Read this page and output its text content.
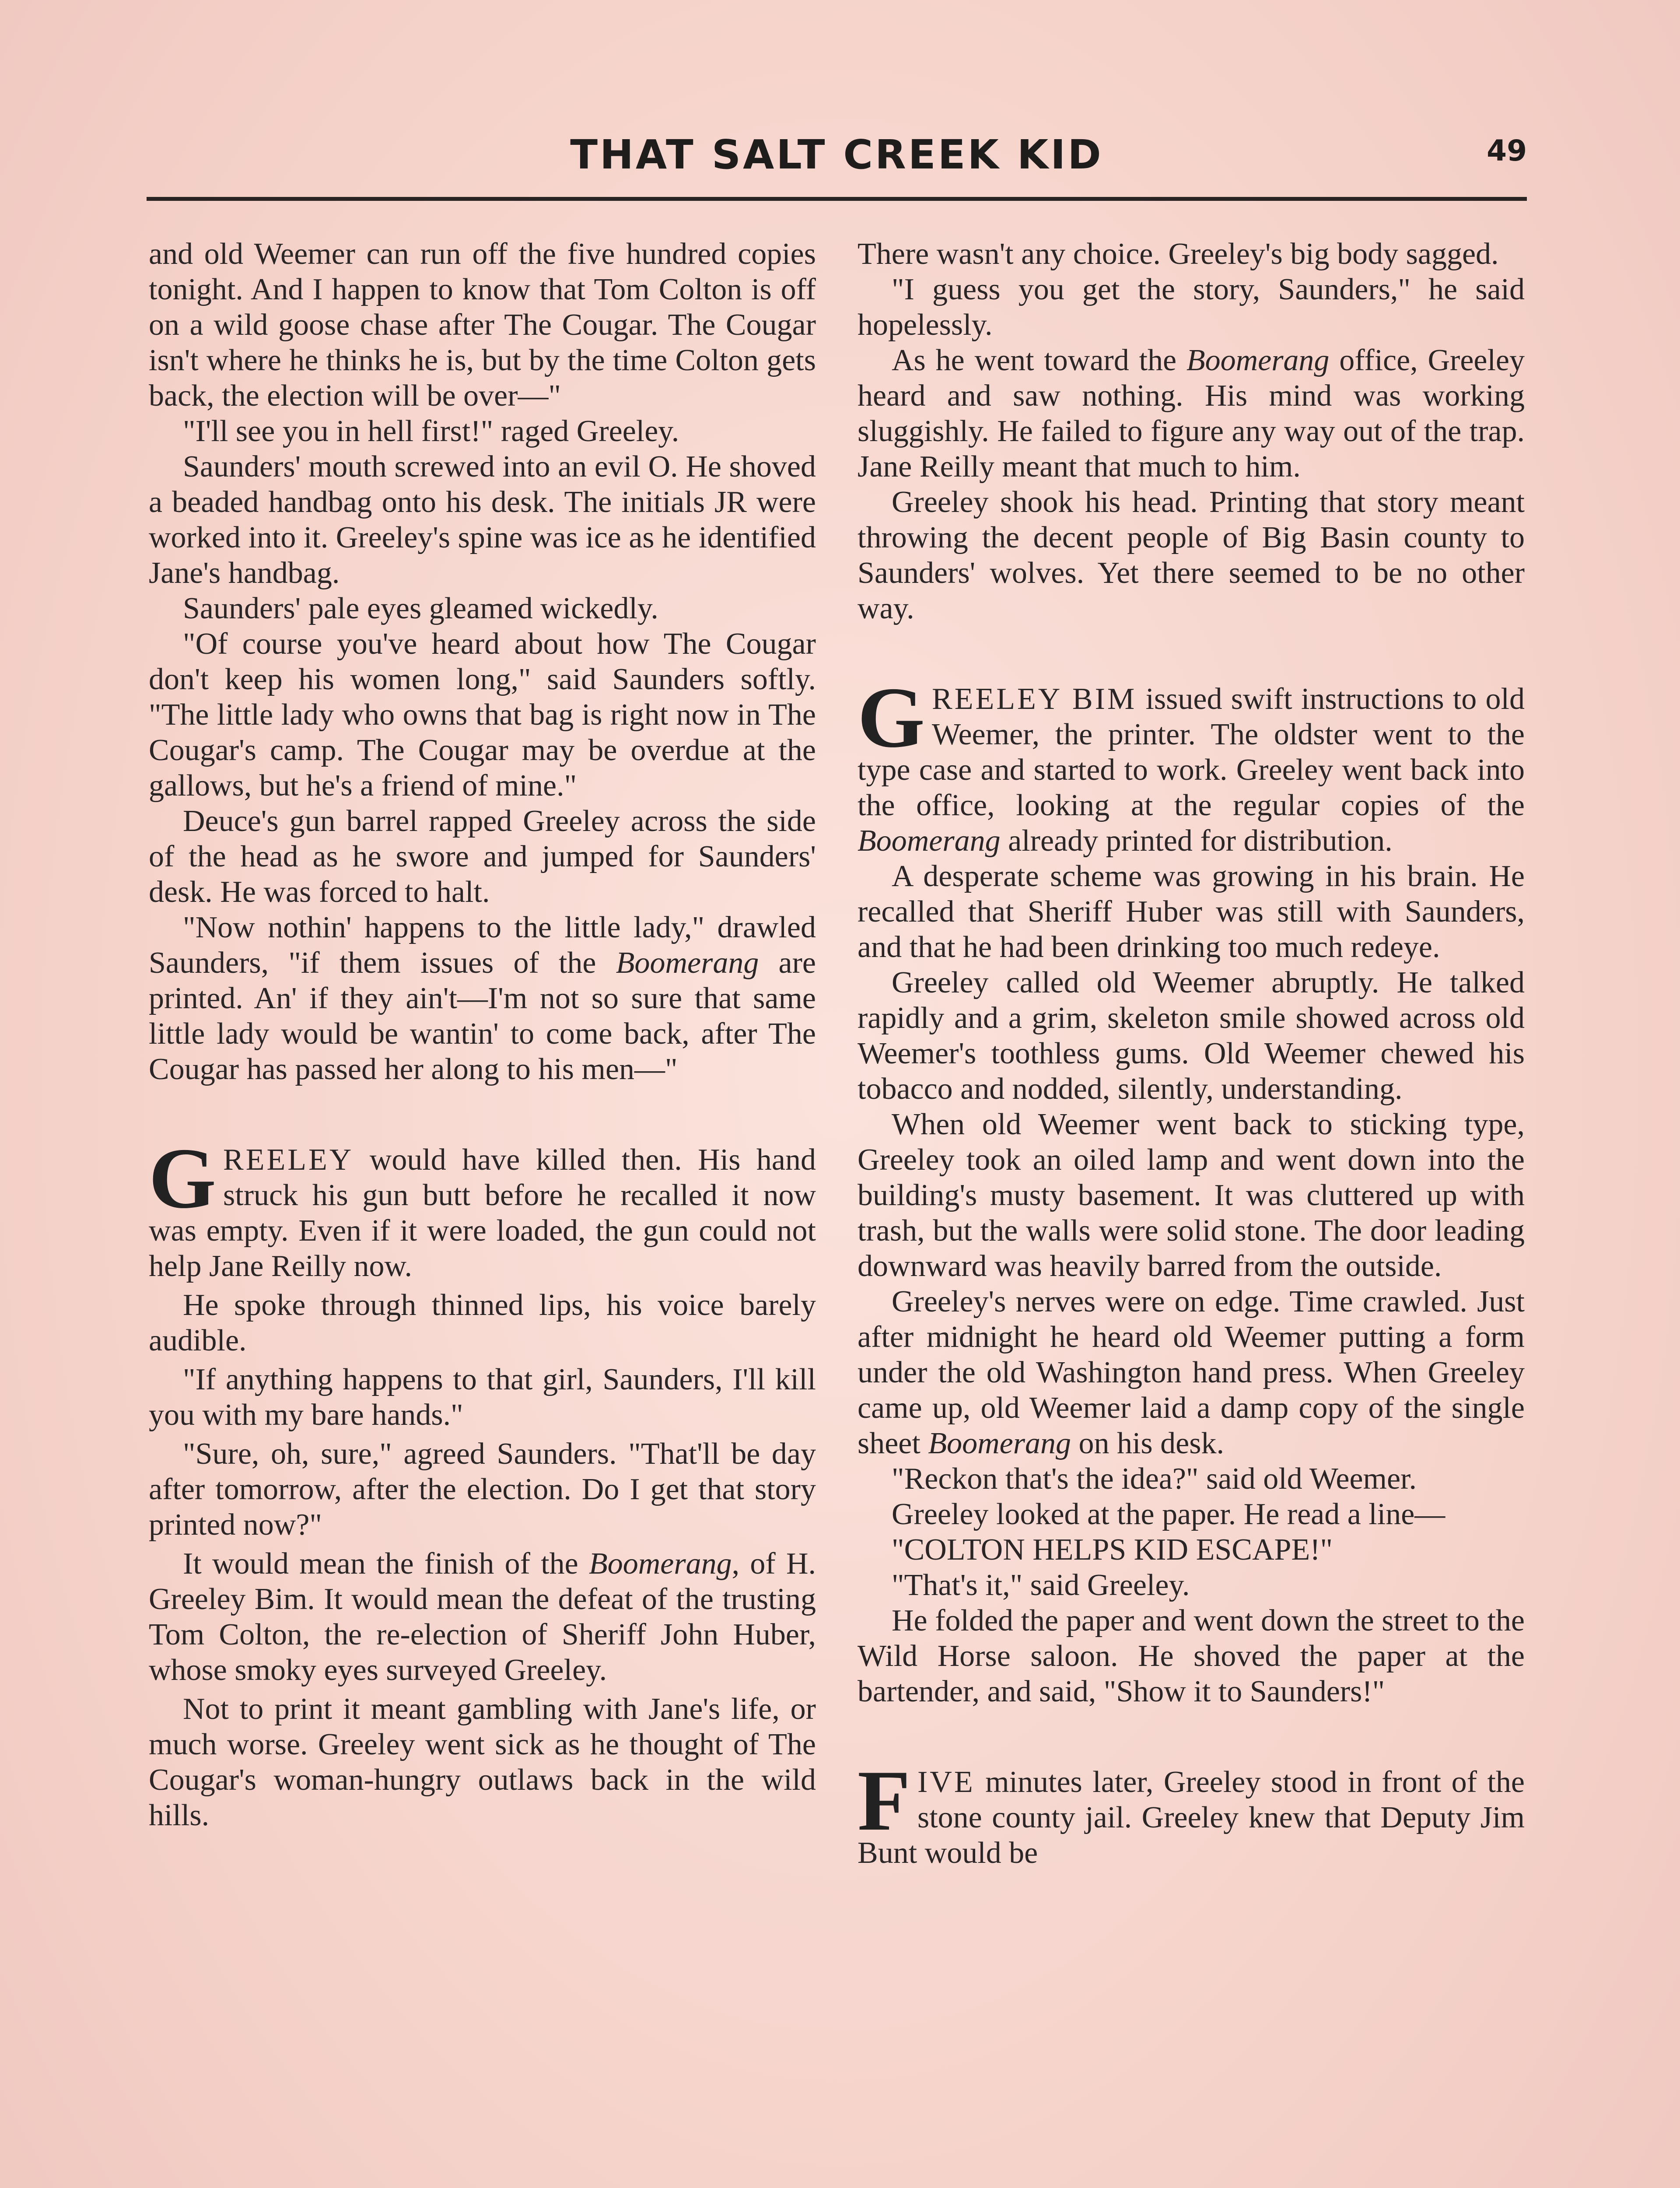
THAT SALT CREEK KID	49

and old Weemer can run off the five hundred copies tonight. And I happen to know that Tom Colton is off on a wild goose chase after The Cougar. The Cougar isn't where he thinks he is, but by the time Colton gets back, the election will be over—"

"I'll see you in hell first!" raged Greeley.

Saunders' mouth screwed into an evil O. He shoved a beaded handbag onto his desk. The initials JR were worked into it. Greeley's spine was ice as he identified Jane's handbag.

Saunders' pale eyes gleamed wickedly.

"Of course you've heard about how The Cougar don't keep his women long," said Saunders softly. "The little lady who owns that bag is right now in The Cougar's camp. The Cougar may be overdue at the gallows, but he's a friend of mine."

Deuce's gun barrel rapped Greeley across the side of the head as he swore and jumped for Saunders' desk. He was forced to halt.

"Now nothin' happens to the little lady," drawled Saunders, "if them issues of the Boomerang are printed. An' if they ain't—I'm not so sure that same little lady would be wantin' to come back, after The Cougar has passed her along to his men—"

GREELEY would have killed then. His hand struck his gun butt before he recalled it now was empty. Even if it were loaded, the gun could not help Jane Reilly now.

He spoke through thinned lips, his voice barely audible.

"If anything happens to that girl, Saunders, I'll kill you with my bare hands."

"Sure, oh, sure," agreed Saunders. "That'll be day after tomorrow, after the election. Do I get that story printed now?"

It would mean the finish of the Boomerang, of H. Greeley Bim. It would mean the defeat of the trusting Tom Colton, the re-election of Sheriff John Huber, whose smoky eyes surveyed Greeley.

Not to print it meant gambling with Jane's life, or much worse. Greeley went sick as he thought of The Cougar's woman-hungry outlaws back in the wild hills.

There wasn't any choice. Greeley's big body sagged.

"I guess you get the story, Saunders," he said hopelessly.

As he went toward the Boomerang office, Greeley heard and saw nothing. His mind was working sluggishly. He failed to figure any way out of the trap. Jane Reilly meant that much to him.

Greeley shook his head. Printing that story meant throwing the decent people of Big Basin county to Saunders' wolves. Yet there seemed to be no other way.

GREELEY BIM issued swift instructions to old Weemer, the printer. The oldster went to the type case and started to work. Greeley went back into the office, looking at the regular copies of the Boomerang already printed for distribution.

A desperate scheme was growing in his brain. He recalled that Sheriff Huber was still with Saunders, and that he had been drinking too much redeye.

Greeley called old Weemer abruptly. He talked rapidly and a grim, skeleton smile showed across old Weemer's toothless gums. Old Weemer chewed his tobacco and nodded, silently, understanding.

When old Weemer went back to sticking type, Greeley took an oiled lamp and went down into the building's musty basement. It was cluttered up with trash, but the walls were solid stone. The door leading downward was heavily barred from the outside.

Greeley's nerves were on edge. Time crawled. Just after midnight he heard old Weemer putting a form under the old Washington hand press. When Greeley came up, old Weemer laid a damp copy of the single sheet Boomerang on his desk.

"Reckon that's the idea?" said old Weemer.

Greeley looked at the paper. He read a line—

"COLTON HELPS KID ESCAPE!"

"That's it," said Greeley.

He folded the paper and went down the street to the Wild Horse saloon. He shoved the paper at the bartender, and said, "Show it to Saunders!"

FIVE minutes later, Greeley stood in front of the stone county jail. Greeley knew that Deputy Jim Bunt would be
